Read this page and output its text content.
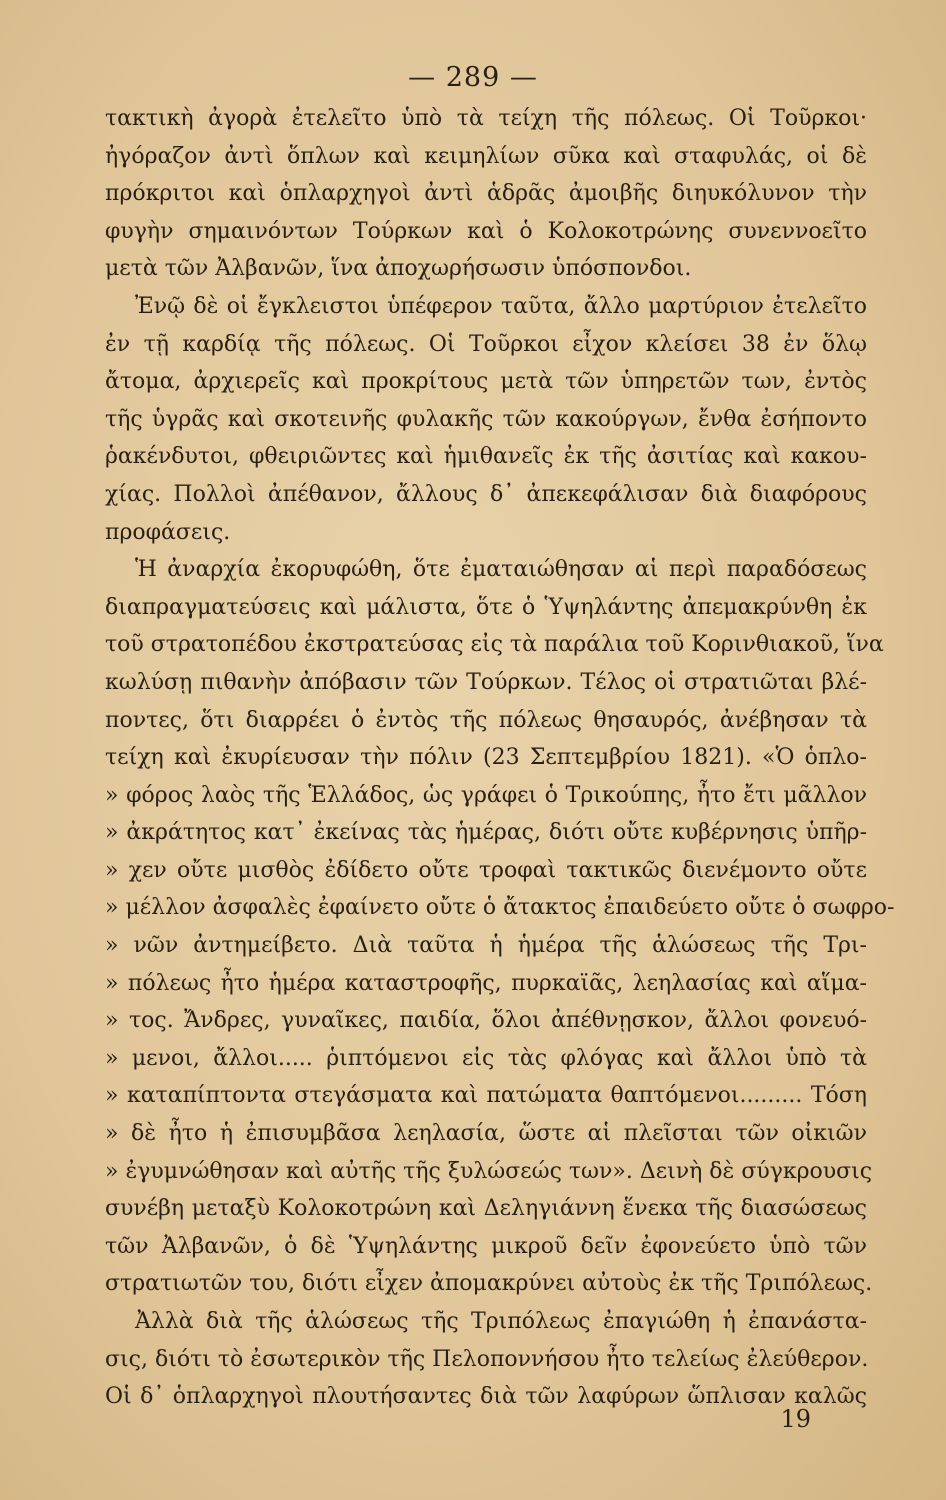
— 289 —
τακτικὴ ἀγορὰ ἐτελεῖτο ὑπὸ τὰ τείχη τῆς πόλεως. Οἱ Τοῦρκοι·
ἠγόραζον ἀντὶ ὅπλων καὶ κειμηλίων σῦκα καὶ σταφυλάς, οἱ δὲ
πρόκριτοι καὶ ὁπλαρχηγοὶ ἀντὶ ἁδρᾶς ἀμοιβῆς διηυκόλυνον τὴν
φυγὴν σημαινόντων Τούρκων καὶ ὁ Κολοκοτρώνης συνεννοεῖτο
μετὰ τῶν Ἀλβανῶν, ἵνα ἀποχωρήσωσιν ὑπόσπονδοι.
Ἐνῷ δὲ οἱ ἔγκλειστοι ὑπέφερον ταῦτα, ἄλλο μαρτύριον ἐτελεῖτο
ἐν τῇ καρδίᾳ τῆς πόλεως. Οἱ Τοῦρκοι εἶχον κλείσει 38 ἐν ὅλῳ
ἄτομα, ἀρχιερεῖς καὶ προκρίτους μετὰ τῶν ὑπηρετῶν των, ἐντὸς
τῆς ὑγρᾶς καὶ σκοτεινῆς φυλακῆς τῶν κακούργων, ἔνθα ἐσήποντο
ῥακένδυτοι, φθειριῶντες καὶ ἡμιθανεῖς ἐκ τῆς ἀσιτίας καὶ κακου-
χίας. Πολλοὶ ἀπέθανον, ἄλλους δ᾽ ἀπεκεφάλισαν διὰ διαφόρους
προφάσεις.
Ἡ ἀναρχία ἐκορυφώθη, ὅτε ἐματαιώθησαν αἱ περὶ παραδόσεως
διαπραγματεύσεις καὶ μάλιστα, ὅτε ὁ Ὑψηλάντης ἀπεμακρύνθη ἐκ
τοῦ στρατοπέδου ἐκστρατεύσας εἰς τὰ παράλια τοῦ Κορινθιακοῦ, ἵνα
κωλύσῃ πιθανὴν ἀπόβασιν τῶν Τούρκων. Τέλος οἱ στρατιῶται βλέ-
ποντες, ὅτι διαρρέει ὁ ἐντὸς τῆς πόλεως θησαυρός, ἀνέβησαν τὰ
τείχη καὶ ἐκυρίευσαν τὴν πόλιν (23 Σεπτεμβρίου 1821). «Ὁ ὁπλο-
» φόρος λαὸς τῆς Ἑλλάδος, ὡς γράφει ὁ Τρικούπης, ἦτο ἔτι μᾶλλον
» ἀκράτητος κατ᾽ ἐκείνας τὰς ἡμέρας, διότι οὔτε κυβέρνησις ὑπῆρ-
» χεν οὔτε μισθὸς ἐδίδετο οὔτε τροφαὶ τακτικῶς διενέμοντο οὔτε
» μέλλον ἀσφαλὲς ἐφαίνετο οὔτε ὁ ἄτακτος ἐπαιδεύετο οὔτε ὁ σωφρο-
» νῶν ἀντημείβετο. Διὰ ταῦτα ἡ ἡμέρα τῆς ἁλώσεως τῆς Τρι-
» πόλεως ἦτο ἡμέρα καταστροφῆς, πυρκαϊᾶς, λεηλασίας καὶ αἵμα-
» τος. Ἄνδρες, γυναῖκες, παιδία, ὅλοι ἀπέθνῃσκον, ἄλλοι φονευό-
» μενοι, ἄλλοι..... ῥιπτόμενοι εἰς τὰς φλόγας καὶ ἄλλοι ὑπὸ τὰ
» καταπίπτοντα στεγάσματα καὶ πατώματα θαπτόμενοι......... Τόση
» δὲ ἦτο ἡ ἐπισυμβᾶσα λεηλασία, ὥστε αἱ πλεῖσται τῶν οἰκιῶν
» ἐγυμνώθησαν καὶ αὐτῆς τῆς ξυλώσεώς των». Δεινὴ δὲ σύγκρουσις
συνέβη μεταξὺ Κολοκοτρώνη καὶ Δεληγιάννη ἕνεκα τῆς διασώσεως
τῶν Ἀλβανῶν, ὁ δὲ Ὑψηλάντης μικροῦ δεῖν ἐφονεύετο ὑπὸ τῶν
στρατιωτῶν του, διότι εἶχεν ἀπομακρύνει αὐτοὺς ἐκ τῆς Τριπόλεως.
Ἀλλὰ διὰ τῆς ἁλώσεως τῆς Τριπόλεως ἐπαγιώθη ἡ ἐπανάστα-
σις, διότι τὸ ἐσωτερικὸν τῆς Πελοποννήσου ἦτο τελείως ἐλεύθερον.
Οἱ δ᾽ ὁπλαρχηγοὶ πλουτήσαντες διὰ τῶν λαφύρων ὥπλισαν καλῶς
19
